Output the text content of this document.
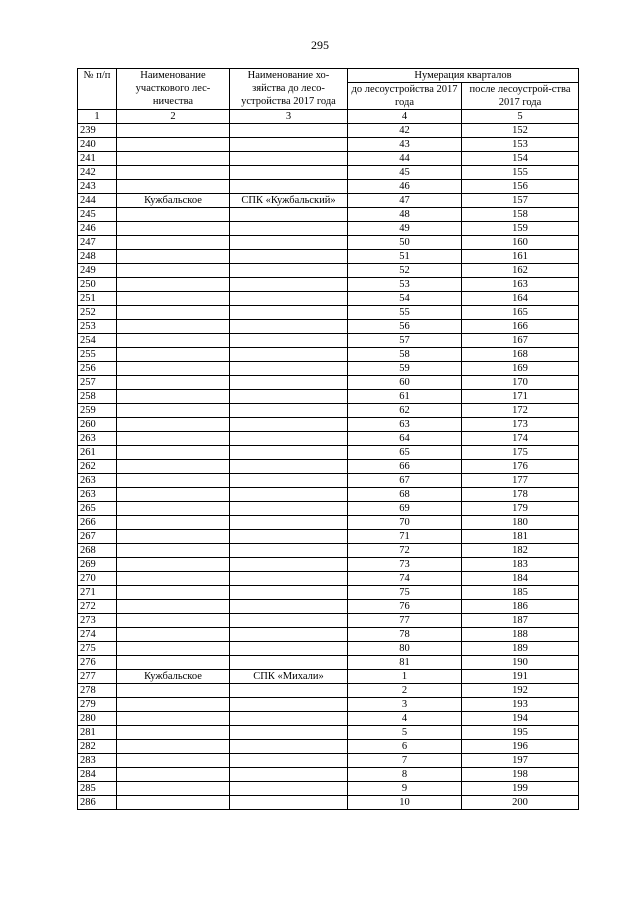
295
№ п/п	Наименование участкового лес-ничества	Наименование хо-зяйства до лесо-устройства 2017 года	Нумерация кварталов	
			до лесоустройства 2017 года	после лесоустрой-ства 2017 года
1	2	3	4	5
239			42	152
240			43	153
241			44	154
242			45	155
243			46	156
244	Кужбальское	СПК «Кужбальский»	47	157
245			48	158
246			49	159
247			50	160
248			51	161
249			52	162
250			53	163
251			54	164
252			55	165
253			56	166
254			57	167
255			58	168
256			59	169
257			60	170
258			61	171
259			62	172
260			63	173
263			64	174
261			65	175
262			66	176
263			67	177
263			68	178
265			69	179
266			70	180
267			71	181
268			72	182
269			73	183
270			74	184
271			75	185
272			76	186
273			77	187
274			78	188
275			80	189
276			81	190
277	Кужбальское	СПК «Михали»	1	191
278			2	192
279			3	193
280			4	194
281			5	195
282			6	196
283			7	197
284			8	198
285			9	199
286			10	200
